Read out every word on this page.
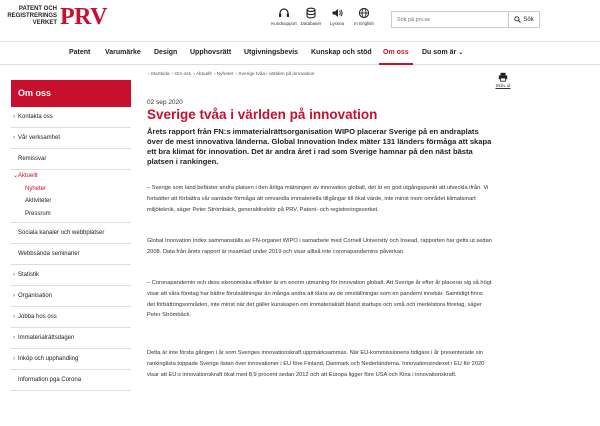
PATENT OCH
REGISTRERINGS
VERKET PRV	Kundsupport Databaser Lyssna In English
Sök på prv.se
Sök
Patent Varumärke Design Upphovsrätt Utgivningsbevis Kunskap och stöd Om oss Du som är ⌄
Om oss
› Kontakta oss
› Vår verksamhet
Remissvar
⌄ Aktuellt
Nyheter
Aktiviteter
Pressrum
Sociala kanaler och webbplatser
Webbsända seminarier
› Statistik
› Organisation
› Jobba hos oss
› Immaterialrättsdagen
› Inköp och upphandling
Information pga Corona
›Startsida ›Om oss ›Aktuellt ›Nyheter ›Sverige tvåa i världen på innovation
Skriv ut
02 sep 2020
Sverige tvåa i världen på innovation

Årets rapport från FN:s immaterialrättsorganisation WIPO placerar Sverige på en andraplats över de mest innovativa länderna. Global Innovation Index mäter 131 länders förmåga att skapa ett bra klimat för innovation. Det är andra året i rad som Sverige hamnar på den näst bästa platsen i rankingen.

– Sverige som land befäster andra platsen i den årliga mätningen av innovation globalt, det är en god utgångspunkt att utveckla ifrån. Vi fortsätter att förbättra vår samlade förmåga att omvandla immateriella tillgångar till ökat värde, inte minst inom området klimatsmart miljöteknik, säger Peter Strömbäck, generaldirektör på PRV, Patent- och registreringsverket.

Global Innovation Index sammanställs av FN-organet WIPO i samarbete med Cornell University och Insead, rapporten har getts ut sedan 2008. Data från årets rapport är insamlad under 2019 och visar alltså inte coronapandemins påverkan.

– Coronapandemin och dess ekonomiska effekter är en enorm utmaning för innovation globalt. Att Sverige år efter år placerar sig så högt visar att våra företag har bättre förutsättningar än många andra att klara av de omställningar som en pandemi innebär. Samtidigt finns det förbättringsområden, inte minst när det gäller kunskapen om immaterialrätt bland startups och små och medelstora företag, säger Peter Strömbäck.

Detta är inte första gången i år som Sveriges innovationskraft uppmärksammas. När EU-kommissionens tidigare i år presenterade sin rankinglista toppade Sverige listan över innovationer i EU före Finland, Danmark och Nederländerna. Innovationsindexet i EU för 2020 visar att EU:s innovationskraft ökat med 8,9 procent sedan 2012 och att Europa ligger före USA och Kina i innovationskraft.
